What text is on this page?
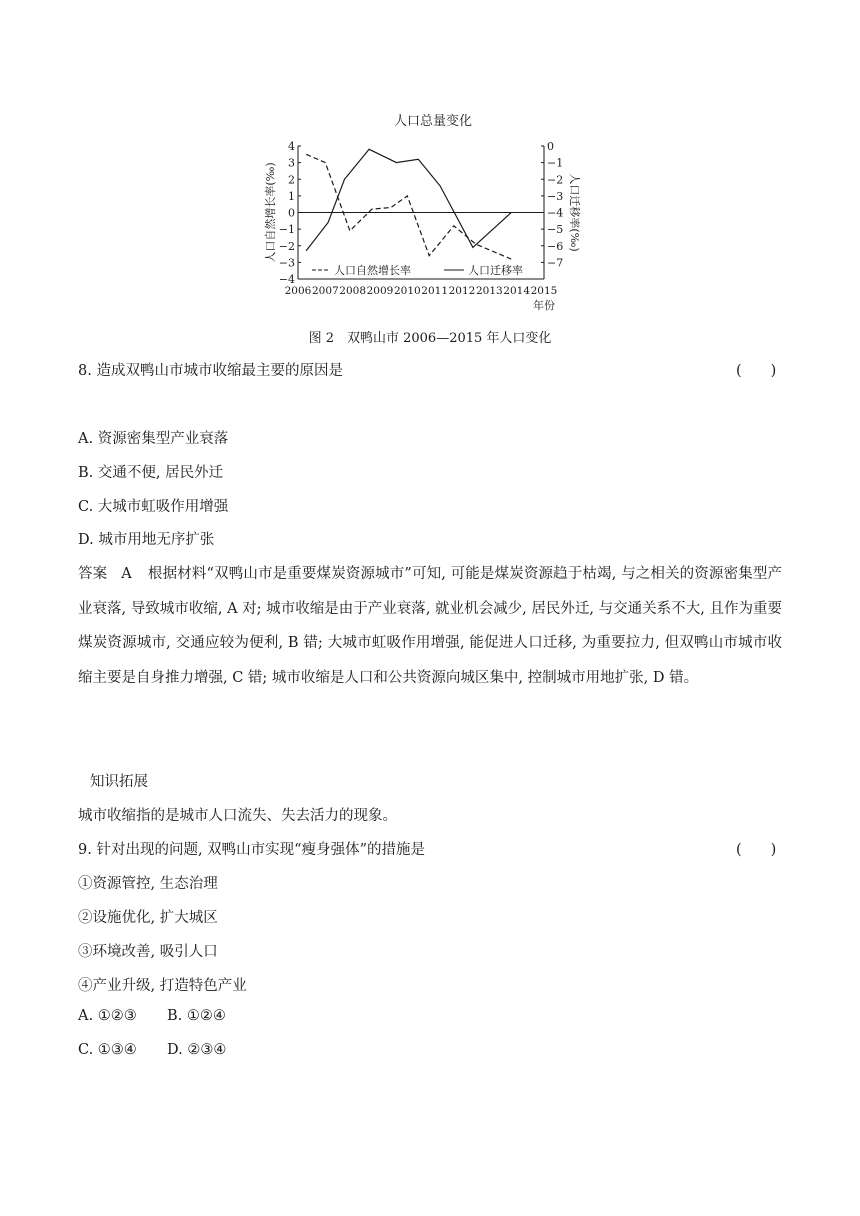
人口总量变化
4
3
2
1
0
−1
−2
−3
−4
0
−1
−2
−3
−4
−5
−6
−7
2006 2007 2008 2009 2010 2011 2012 2013 2014 2015
年份
人口自然增长率(‰)	人口迁移率(‰)
人口自然增长率	人口迁移率
图 2　双鸭山市 2006—2015 年人口变化
8. 造成双鸭山市城市收缩最主要的原因是	(　　)
A. 资源密集型产业衰落
B. 交通不便, 居民外迁
C. 大城市虹吸作用增强
D. 城市用地无序扩张
答案 A 根据材料“双鸭山市是重要煤炭资源城市”可知, 可能是煤炭资源趋于枯竭, 与之相关的资源密集型产业衰落, 导致城市收缩, A 对; 城市收缩是由于产业衰落, 就业机会减少, 居民外迁, 与交通关系不大, 且作为重要煤炭资源城市, 交通应较为便利, B 错; 大城市虹吸作用增强, 能促进人口迁移, 为重要拉力, 但双鸭山市城市收缩主要是自身推力增强, C 错; 城市收缩是人口和公共资源向城区集中, 控制城市用地扩张, D 错。
知识拓展
城市收缩指的是城市人口流失、失去活力的现象。
9. 针对出现的问题, 双鸭山市实现“瘦身强体”的措施是	(　　)
①资源管控, 生态治理
②设施优化, 扩大城区
③环境改善, 吸引人口
④产业升级, 打造特色产业
A. ①②③ B. ①②④
C. ①③④ D. ②③④
